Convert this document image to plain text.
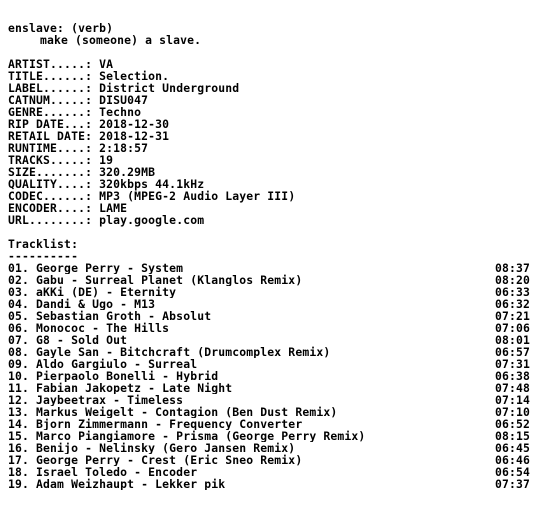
enslave: (verb)
make (someone) a slave.
ARTIST.....: VA
TITLE......: Selection.
LABEL......: District Underground
CATNUM.....: DISU047
GENRE......: Techno
RIP DATE...: 2018-12-30
RETAIL DATE: 2018-12-31
RUNTIME....: 2:18:57
TRACKS.....: 19
SIZE.......: 320.29MB
QUALITY....: 320kbps 44.1kHz
CODEC......: MP3 (MPEG-2 Audio Layer III)
ENCODER....: LAME
URL........: play.google.com
Tracklist:
----------
01. George Perry - System	08:37
02. Gabu - Surreal Planet (Klanglos Remix)	08:20
03. aKKi (DE) - Eternity	06:33
04. Dandi & Ugo - M13	06:32
05. Sebastian Groth - Absolut	07:21
06. Monococ - The Hills	07:06
07. G8 - Sold Out	08:01
08. Gayle San - Bitchcraft (Drumcomplex Remix)	06:57
09. Aldo Gargiulo - Surreal	07:31
10. Pierpaolo Bonelli - Hybrid	06:38
11. Fabian Jakopetz - Late Night	07:48
12. Jaybeetrax - Timeless	07:14
13. Markus Weigelt - Contagion (Ben Dust Remix)	07:10
14. Bjorn Zimmermann - Frequency Converter	06:52
15. Marco Piangiamore - Prisma (George Perry Remix)	08:15
16. Benijo - Nelinsky (Gero Jansen Remix)	06:45
17. George Perry - Crest (Eric Sneo Remix)	06:46
18. Israel Toledo - Encoder	06:54
19. Adam Weizhaupt - Lekker pik	07:37
